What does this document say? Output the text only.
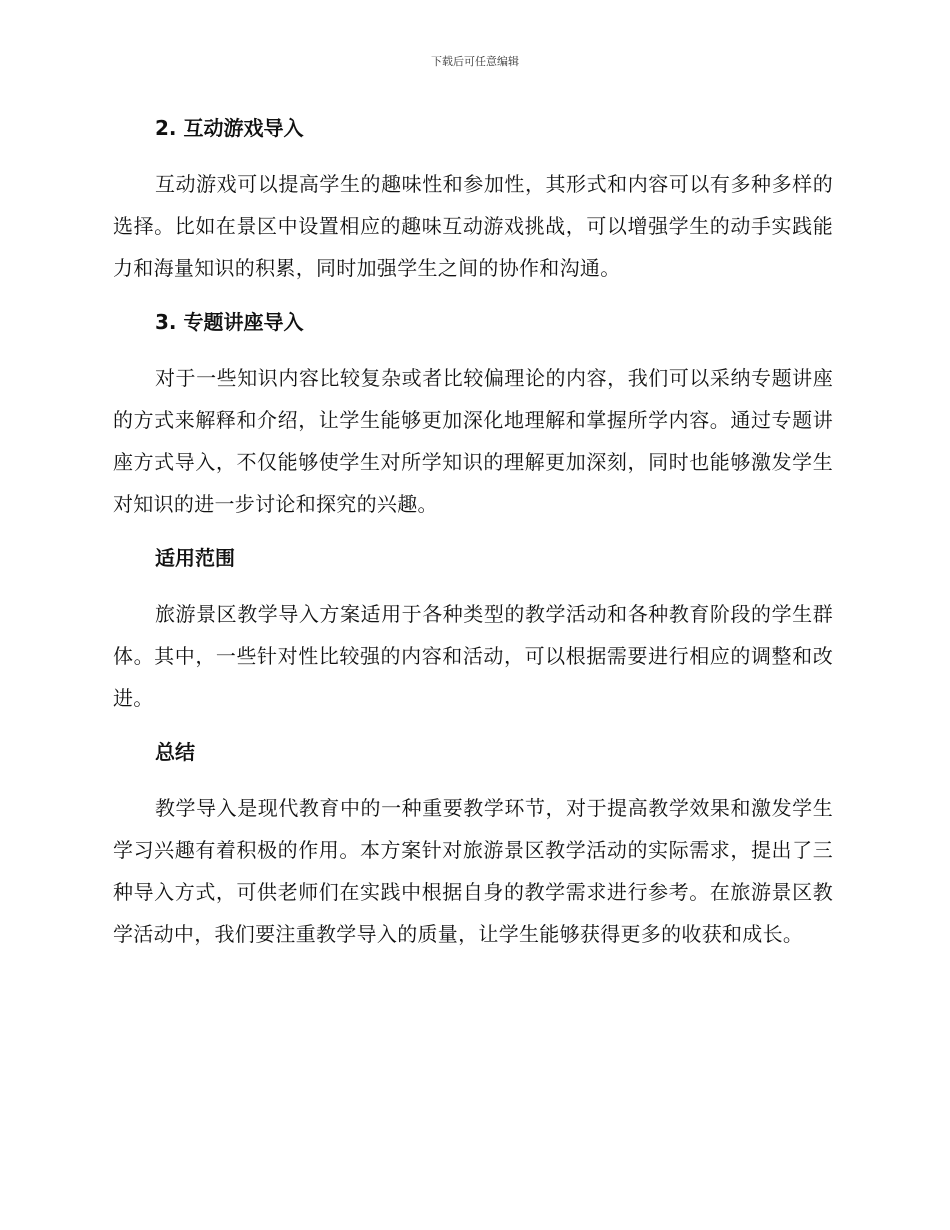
下载后可任意编辑
2. 互动游戏导入

互动游戏可以提高学生的趣味性和参加性，其形式和内容可以有多种多样的选择。比如在景区中设置相应的趣味互动游戏挑战，可以增强学生的动手实践能力和海量知识的积累，同时加强学生之间的协作和沟通。

3. 专题讲座导入

对于一些知识内容比较复杂或者比较偏理论的内容，我们可以采纳专题讲座的方式来解释和介绍，让学生能够更加深化地理解和掌握所学内容。通过专题讲座方式导入，不仅能够使学生对所学知识的理解更加深刻，同时也能够激发学生对知识的进一步讨论和探究的兴趣。

适用范围

旅游景区教学导入方案适用于各种类型的教学活动和各种教育阶段的学生群体。其中，一些针对性比较强的内容和活动，可以根据需要进行相应的调整和改进。

总结

教学导入是现代教育中的一种重要教学环节，对于提高教学效果和激发学生学习兴趣有着积极的作用。本方案针对旅游景区教学活动的实际需求，提出了三种导入方式，可供老师们在实践中根据自身的教学需求进行参考。在旅游景区教学活动中，我们要注重教学导入的质量，让学生能够获得更多的收获和成长。
